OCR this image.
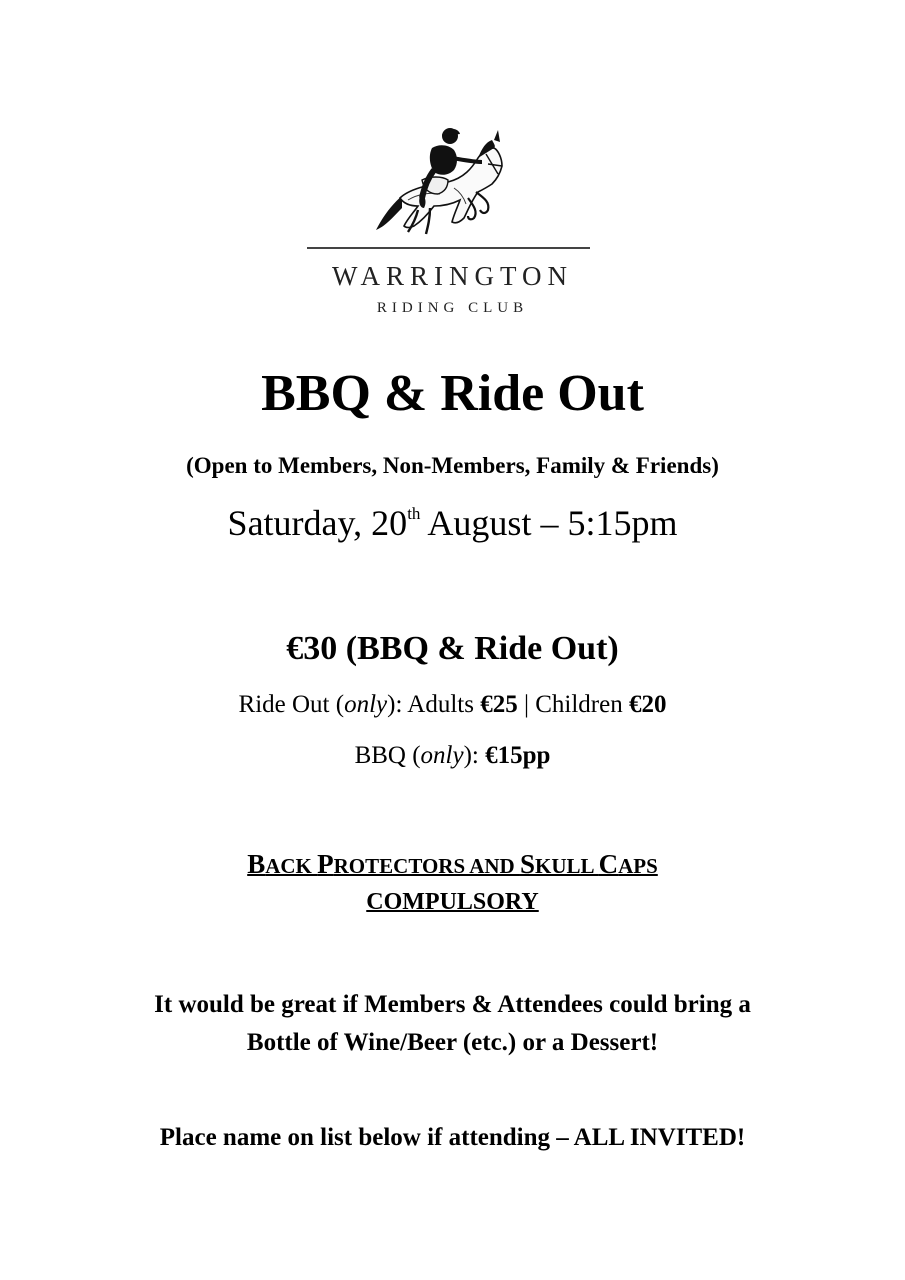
WARRINGTON
RIDING CLUB
BBQ & Ride Out
(Open to Members, Non-Members, Family & Friends)
Saturday, 20th August – 5:15pm
€30 (BBQ & Ride Out)
Ride Out (only): Adults €25 | Children €20
BBQ (only): €15pp
BACK PROTECTORS AND SKULL CAPS
COMPULSORY
It would be great if Members & Attendees could bring a
Bottle of Wine/Beer (etc.) or a Dessert!
Place name on list below if attending – ALL INVITED!
